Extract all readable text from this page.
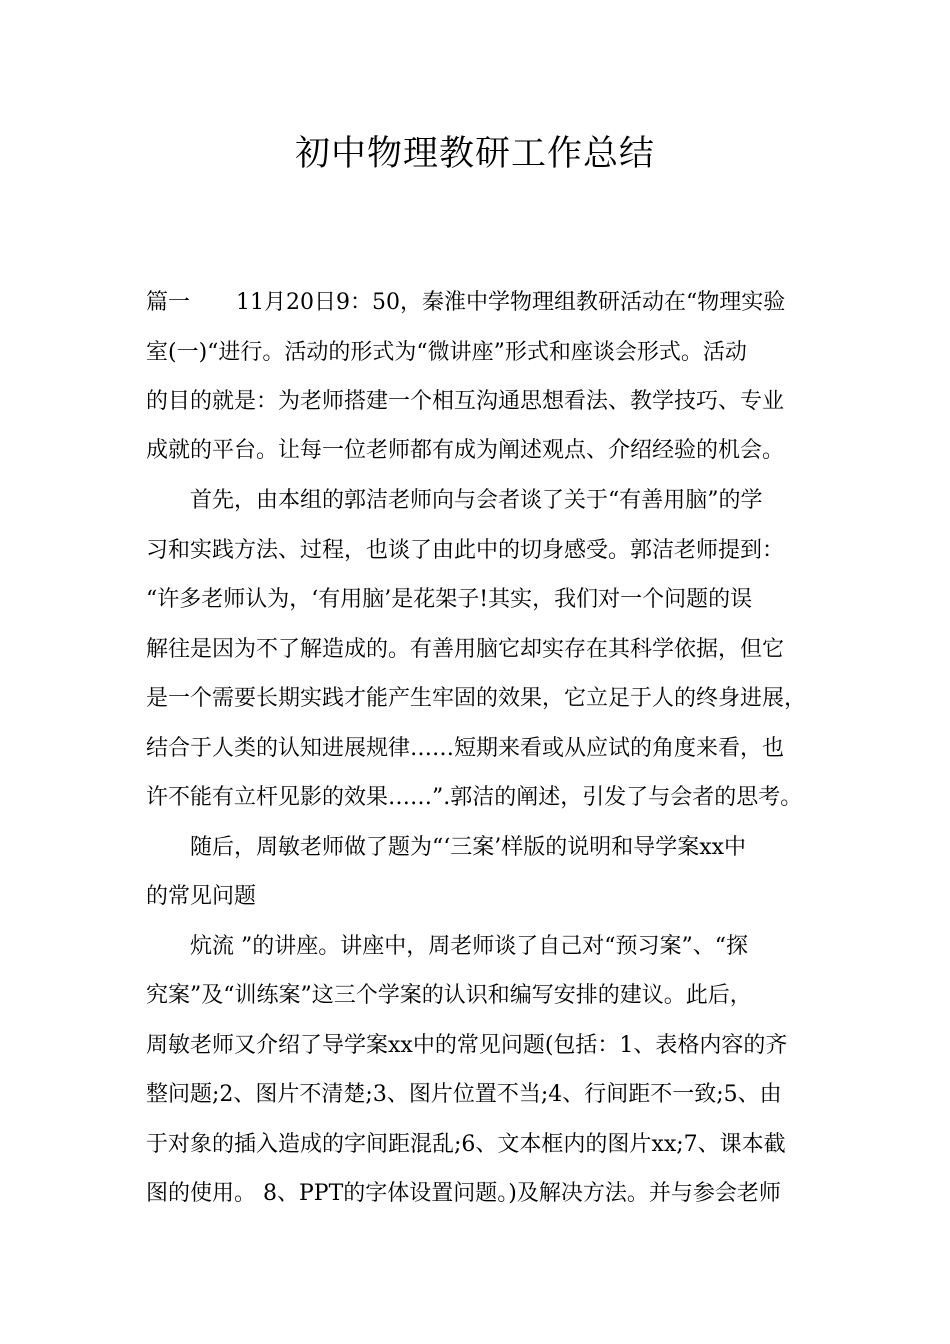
初中物理教研工作总结
篇一 11月20日9：50，秦淮中学物理组教研活动在“物理实验
室(一)“进行。活动的形式为“微讲座”形式和座谈会形式。活动
的目的就是：为老师搭建一个相互沟通思想看法、教学技巧、专业
成就的平台。让每一位老师都有成为阐述观点、介绍经验的机会。
首先，由本组的郭洁老师向与会者谈了关于“有善用脑”的学
习和实践方法、过程，也谈了由此中的切身感受。郭洁老师提到：
“许多老师认为，‘有用脑’是花架子!其实，我们对一个问题的误
解往是因为不了解造成的。有善用脑它却实存在其科学依据，但它
是一个需要长期实践才能产生牢固的效果，它立足于人的终身进展，
结合于人类的认知进展规律……短期来看或从应试的角度来看，也
许不能有立杆见影的效果……”.郭洁的阐述，引发了与会者的思考。
随后，周敏老师做了题为“‘三案’样版的说明和导学案xx中
的常见问题
炕流 ”的讲座。讲座中，周老师谈了自己对“预习案”、“探
究案”及“训练案”这三个学案的认识和编写安排的建议。此后，
周敏老师又介绍了导学案xx中的常见问题(包括：1、表格内容的齐
整问题;2、图片不清楚;3、图片位置不当;4、行间距不一致;5、由
于对象的插入造成的字间距混乱;6、文本框内的图片xx;7、课本截
图的使用。 8、PPT的字体设置问题。)及解决方法。并与参会老师
